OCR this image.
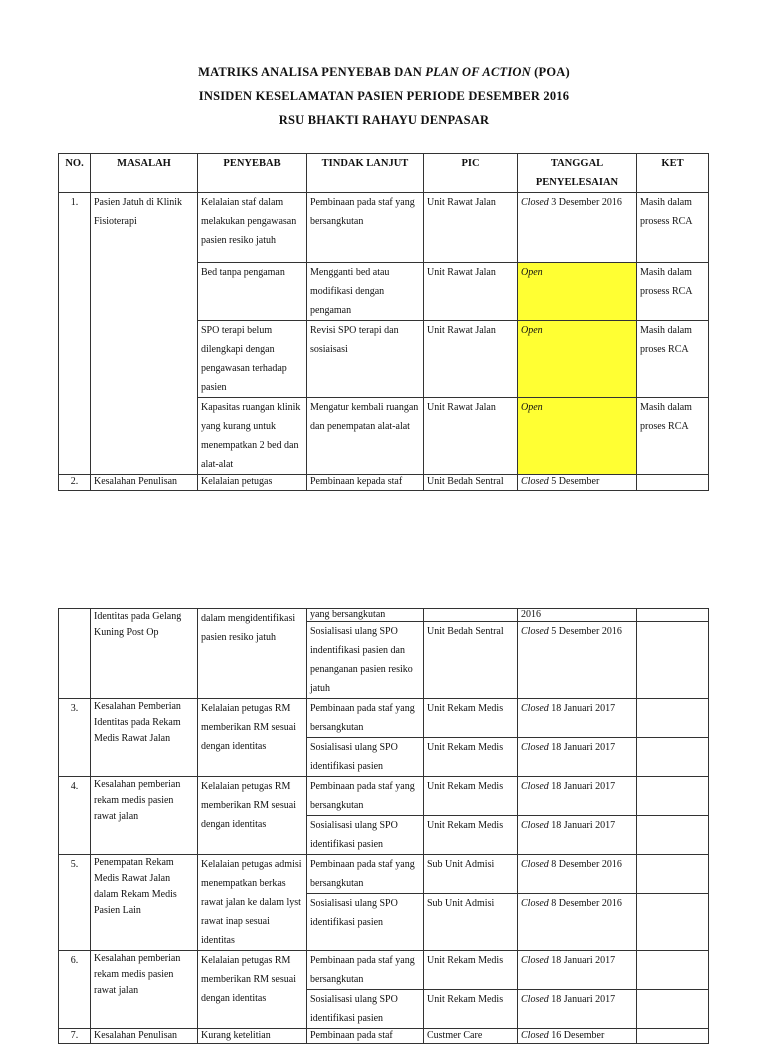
MATRIKS ANALISA PENYEBAB DAN PLAN OF ACTION (POA)
INSIDEN KESELAMATAN PASIEN PERIODE DESEMBER 2016
RSU BHAKTI RAHAYU DENPASAR
NO.	MASALAH	PENYEBAB	TINDAK LANJUT	PIC	TANGGAL PENYELESAIAN	KET
1.	Pasien Jatuh di Klinik Fisioterapi	Kelalaian staf dalam melakukan pengawasan pasien resiko jatuh	Pembinaan pada staf yang bersangkutan	Unit Rawat Jalan	Closed 3 Desember 2016	Masih dalam prosess RCA
		Bed tanpa pengaman	Mengganti bed atau modifikasi dengan pengaman	Unit Rawat Jalan	Open	Masih dalam prosess RCA
		SPO terapi belum dilengkapi dengan pengawasan terhadap pasien	Revisi SPO terapi dan sosiaisasi	Unit Rawat Jalan	Open	Masih dalam proses RCA
		Kapasitas ruangan klinik yang kurang untuk menempatkan 2 bed dan alat-alat	Mengatur kembali ruangan dan penempatan alat-alat	Unit Rawat Jalan	Open	Masih dalam proses RCA
2.	Kesalahan Penulisan	Kelalaian petugas	Pembinaan kepada staf	Unit Bedah Sentral	Closed 5 Desember	
	Identitas pada Gelang Kuning Post Op	dalam mengidentifikasi pasien resiko jatuh	yang bersangkutan		2016	
			Sosialisasi ulang SPO indentifikasi pasien dan penanganan pasien resiko jatuh	Unit Bedah Sentral	Closed 5 Desember 2016	
3.	Kesalahan Pemberian Identitas pada Rekam Medis Rawat Jalan	Kelalaian petugas RM memberikan RM sesuai dengan identitas	Pembinaan pada staf yang bersangkutan	Unit Rekam Medis	Closed 18 Januari 2017	
			Sosialisasi ulang SPO identifikasi pasien	Unit Rekam Medis	Closed 18 Januari 2017	
4.	Kesalahan pemberian rekam medis pasien rawat jalan	Kelalaian petugas RM memberikan RM sesuai dengan identitas	Pembinaan pada staf yang bersangkutan	Unit Rekam Medis	Closed 18 Januari 2017	
			Sosialisasi ulang SPO identifikasi pasien	Unit Rekam Medis	Closed 18 Januari 2017	
5.	Penempatan Rekam Medis Rawat Jalan dalam Rekam Medis Pasien Lain	Kelalaian petugas admisi menempatkan berkas rawat jalan ke dalam lyst rawat inap sesuai identitas	Pembinaan pada staf yang bersangkutan	Sub Unit Admisi	Closed 8 Desember 2016	
			Sosialisasi ulang SPO identifikasi pasien	Sub Unit Admisi	Closed 8 Desember 2016	
6.	Kesalahan pemberian rekam medis pasien rawat jalan	Kelalaian petugas RM memberikan RM sesuai dengan identitas	Pembinaan pada staf yang bersangkutan	Unit Rekam Medis	Closed 18 Januari 2017	
			Sosialisasi ulang SPO identifikasi pasien	Unit Rekam Medis	Closed 18 Januari 2017	
7.	Kesalahan Penulisan	Kurang ketelitian	Pembinaan pada staf	Custmer Care	Closed 16 Desember	
